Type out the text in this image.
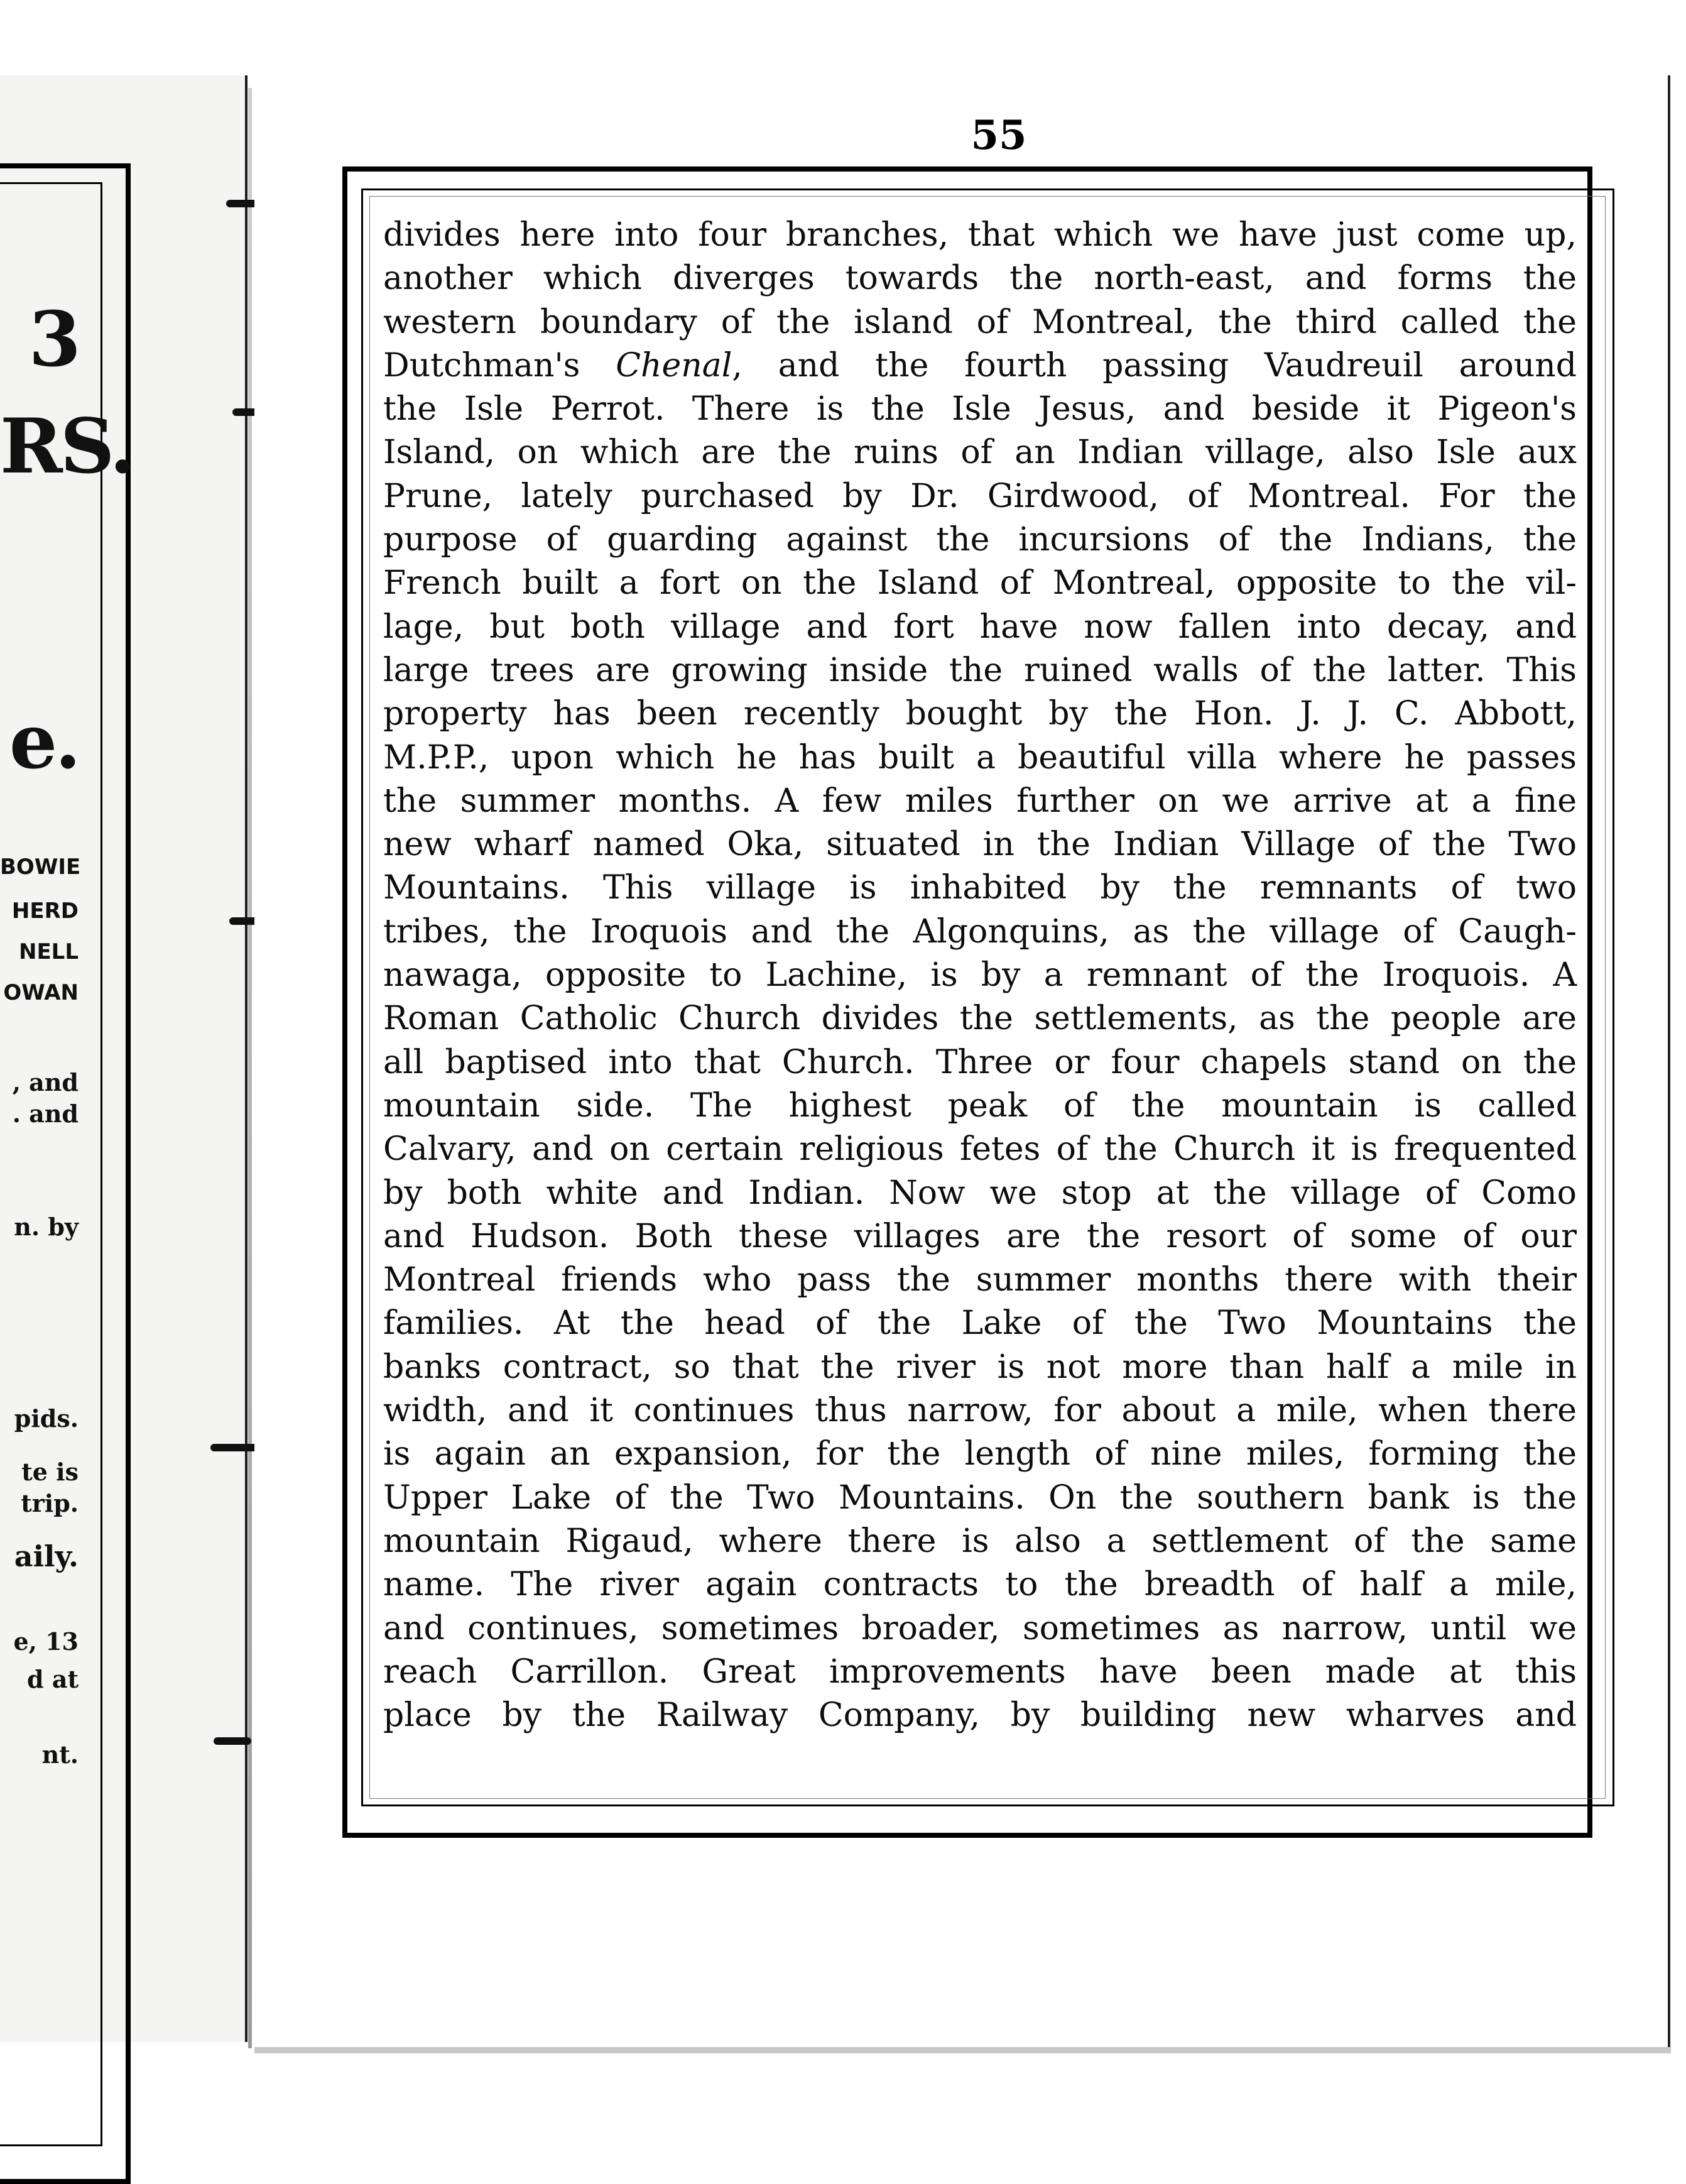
3
RS.
e.
BOWIE
HERD
NELL
OWAN
, and
. and
n. by
pids.
te is
trip.
aily.
e, 13
d at
nt.
55
divides here into four branches, that which we have just come up,
another which diverges towards the north-east, and forms the
western boundary of the island of Montreal, the third called the
Dutchman's Chenal, and the fourth passing Vaudreuil around
the Isle Perrot. There is the Isle Jesus, and beside it Pigeon's
Island, on which are the ruins of an Indian village, also Isle aux
Prune, lately purchased by Dr. Girdwood, of Montreal. For the
purpose of guarding against the incursions of the Indians, the
French built a fort on the Island of Montreal, opposite to the vil-
lage, but both village and fort have now fallen into decay, and
large trees are growing inside the ruined walls of the latter. This
property has been recently bought by the Hon. J. J. C. Abbott,
M.P.P., upon which he has built a beautiful villa where he passes
the summer months. A few miles further on we arrive at a fine
new wharf named Oka, situated in the Indian Village of the Two
Mountains. This village is inhabited by the remnants of two
tribes, the Iroquois and the Algonquins, as the village of Caugh-
nawaga, opposite to Lachine, is by a remnant of the Iroquois. A
Roman Catholic Church divides the settlements, as the people are
all baptised into that Church. Three or four chapels stand on the
mountain side. The highest peak of the mountain is called
Calvary, and on certain religious fetes of the Church it is frequented
by both white and Indian. Now we stop at the village of Como
and Hudson. Both these villages are the resort of some of our
Montreal friends who pass the summer months there with their
families. At the head of the Lake of the Two Mountains the
banks contract, so that the river is not more than half a mile in
width, and it continues thus narrow, for about a mile, when there
is again an expansion, for the length of nine miles, forming the
Upper Lake of the Two Mountains. On the southern bank is the
mountain Rigaud, where there is also a settlement of the same
name. The river again contracts to the breadth of half a mile,
and continues, sometimes broader, sometimes as narrow, until we
reach Carrillon. Great improvements have been made at this
place by the Railway Company, by building new wharves and
